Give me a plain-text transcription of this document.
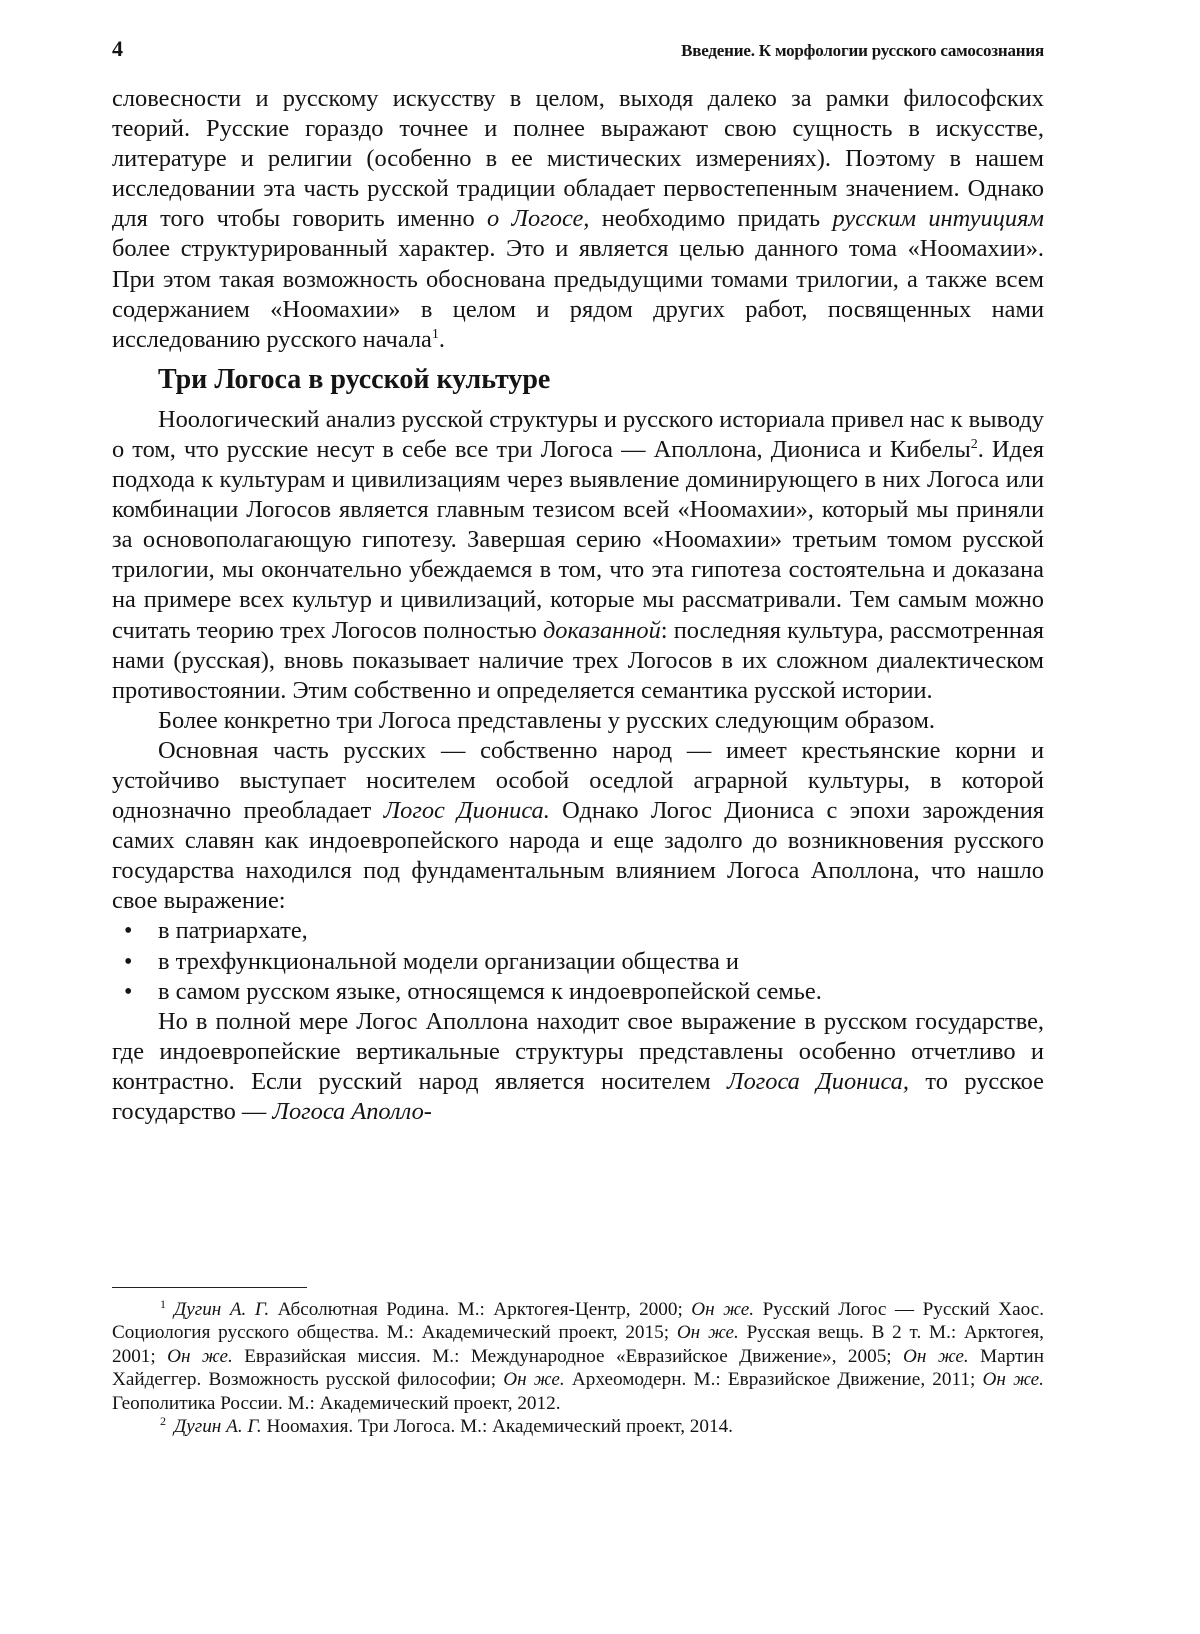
4	Введение. К морфологии русского самосознания

словесности и русскому искусству в целом, выходя далеко за рамки философских теорий. Русские гораздо точнее и полнее выражают свою сущность в искусстве, литературе и религии (особенно в ее мистических измерениях). Поэтому в нашем исследовании эта часть русской традиции обладает первостепенным значением. Однако для того чтобы говорить именно о Логосе, необходимо придать русским интуициям более структурированный характер. Это и является целью данного тома «Ноомахии». При этом такая возможность обоснована предыдущими томами трилогии, а также всем содержанием «Ноомахии» в целом и рядом других работ, посвященных нами исследованию русского начала$^1$.

Три Логоса в русской культуре

Ноологический анализ русской структуры и русского историала привел нас к выводу о том, что русские несут в себе все три Логоса — Аполлона, Диониса и Кибелы$^2$. Идея подхода к культурам и цивилизациям через выявление доминирующего в них Логоса или комбинации Логосов является главным тезисом всей «Ноомахии», который мы приняли за основополагающую гипотезу. Завершая серию «Ноомахии» третьим томом русской трилогии, мы окончательно убеждаемся в том, что эта гипотеза состоятельна и доказана на примере всех культур и цивилизаций, которые мы рассматривали. Тем самым можно считать теорию трех Логосов полностью доказанной: последняя культура, рассмотренная нами (русская), вновь показывает наличие трех Логосов в их сложном диалектическом противостоянии. Этим собственно и определяется семантика русской истории.

Более конкретно три Логоса представлены у русских следующим образом.

Основная часть русских — собственно народ — имеет крестьянские корни и устойчиво выступает носителем особой оседлой аграрной культуры, в которой однозначно преобладает Логос Диониса. Однако Логос Диониса с эпохи зарождения самих славян как индоевропейского народа и еще задолго до возникновения русского государства находился под фундаментальным влиянием Логоса Аполлона, что нашло свое выражение:

• в патриархате,
• в трехфункциональной модели организации общества и
• в самом русском языке, относящемся к индоевропейской семье.

Но в полной мере Логос Аполлона находит свое выражение в русском государстве, где индоевропейские вертикальные структуры представлены особенно отчетливо и контрастно. Если русский народ является носителем Логоса Диониса, то русское государство — Логоса Аполло-

$^1$ Дугин А. Г. Абсолютная Родина. М.: Арктогея-Центр, 2000; Он же. Русский Логос — Русский Хаос. Социология русского общества. М.: Академический проект, 2015; Он же. Русская вещь. В 2 т. М.: Арктогея, 2001; Он же. Евразийская миссия. М.: Международное «Евразийское Движение», 2005; Он же. Мартин Хайдеггер. Возможность русской философии; Он же. Археомодерн. М.: Евразийское Движение, 2011; Он же. Геополитика России. М.: Академический проект, 2012.

$^2$ Дугин А. Г. Ноомахия. Три Логоса. М.: Академический проект, 2014.
